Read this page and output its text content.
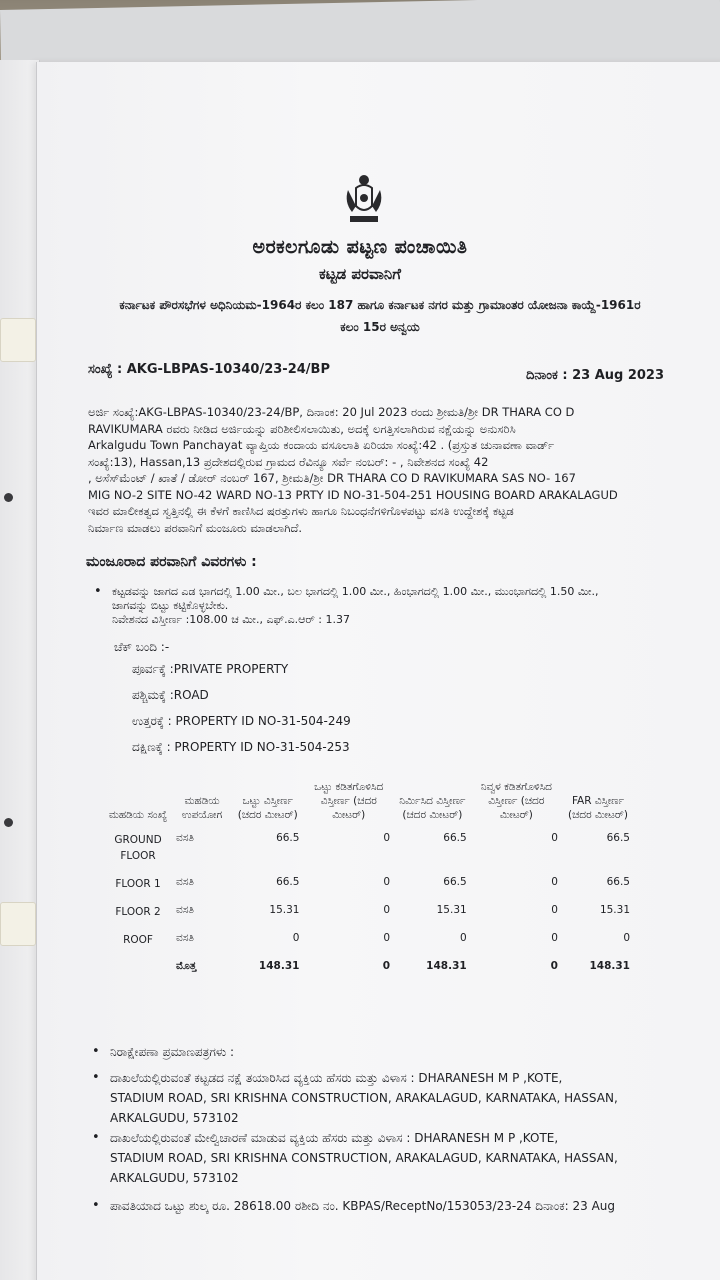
ಅರಕಲಗೂಡು ಪಟ್ಟಣ ಪಂಚಾಯಿತಿ
ಕಟ್ಟಡ ಪರವಾನಿಗೆ
ಕರ್ನಾಟಕ ಪೌರಸಭೆಗಳ ಅಧಿನಿಯಮ-1964ರ ಕಲಂ 187 ಹಾಗೂ ಕರ್ನಾಟಕ ನಗರ ಮತ್ತು ಗ್ರಾಮಾಂತರ ಯೋಜನಾ ಕಾಯ್ದೆ-1961ರ
ಕಲಂ 15ರ ಅನ್ವಯ
ಸಂಖ್ಯೆ : AKG-LBPAS-10340/23-24/BP	ದಿನಾಂಕ : 23 Aug 2023
ಅರ್ಜಿ ಸಂಖ್ಯೆ:AKG-LBPAS-10340/23-24/BP, ದಿನಾಂಕ: 20 Jul 2023 ರಂದು ಶ್ರೀಮತಿ/ಶ್ರೀ DR THARA CO D
RAVIKUMARA ರವರು ನೀಡಿದ ಅರ್ಜಿಯನ್ನು ಪರಿಶೀಲಿಸಲಾಯಿತು, ಅದಕ್ಕೆ ಲಗತ್ತಿಸಲಾಗಿರುವ ನಕ್ಷೆಯನ್ನು ಅನುಸರಿಸಿ
Arkalgudu Town Panchayat ವ್ಯಾಪ್ತಿಯ ಕಂದಾಯ ವಸೂಲಾತಿ ಏರಿಯಾ ಸಂಖ್ಯೆ:42 . (ಪ್ರಸ್ತುತ ಚುನಾವಣಾ ವಾರ್ಡ್
ಸಂಖ್ಯೆ:13), Hassan,13 ಪ್ರದೇಶದಲ್ಲಿರುವ ಗ್ರಾಮದ ರೆವಿನ್ಯೂ ಸರ್ವೆ ನಂಬರ್: - , ನಿವೇಶನದ ಸಂಖ್ಯೆ 42
, ಅಸೆಸ್‌ಮೆಂಟ್ / ಖಾತೆ / ಡೋರ್ ನಂಬರ್ 167, ಶ್ರೀಮತಿ/ಶ್ರೀ DR THARA CO D RAVIKUMARA SAS NO- 167
MIG NO-2 SITE NO-42 WARD NO-13 PRTY ID NO-31-504-251 HOUSING BOARD ARAKALAGUD
ಇವರ ಮಾಲೀಕತ್ವದ ಸ್ವತ್ತಿನಲ್ಲಿ ಈ ಕೆಳಗೆ ಕಾಣಿಸಿದ ಷರತ್ತುಗಳು ಹಾಗೂ ನಿಬಂಧನೆಗಳಿಗೊಳಪಟ್ಟು ವಸತಿ ಉದ್ದೇಶಕ್ಕೆ ಕಟ್ಟಡ
ನಿರ್ಮಾಣ ಮಾಡಲು ಪರವಾನಿಗೆ ಮಂಜೂರು ಮಾಡಲಾಗಿದೆ.
ಮಂಜೂರಾದ ಪರವಾನಿಗೆ ವಿವರಗಳು :
• ಕಟ್ಟಡವನ್ನು ಜಾಗದ ಎಡ ಭಾಗದಲ್ಲಿ 1.00 ಮೀ., ಬಲ ಭಾಗದಲ್ಲಿ 1.00 ಮೀ., ಹಿಂಭಾಗದಲ್ಲಿ 1.00 ಮೀ., ಮುಂಭಾಗದಲ್ಲಿ 1.50 ಮೀ.,
ಜಾಗವನ್ನು ಬಿಟ್ಟು ಕಟ್ಟಿಕೊಳ್ಳಬೇಕು.
ನಿವೇಶನದ ವಿಸ್ತೀರ್ಣ :108.00 ಚ ಮೀ., ಎಫ್.ಎ.ಆರ್ : 1.37
ಚೆಕ್ ಬಂದಿ :-
ಪೂರ್ವಕ್ಕೆ :PRIVATE PROPERTY
ಪಶ್ಚಿಮಕ್ಕೆ :ROAD
ಉತ್ತರಕ್ಕೆ : PROPERTY ID NO-31-504-249
ದಕ್ಷಿಣಕ್ಕೆ : PROPERTY ID NO-31-504-253
ಮಹಡಿಯ ಸಂಖ್ಯೆ	ಮಹಡಿಯ ಉಪಯೋಗ	ಒಟ್ಟು ವಿಸ್ತೀರ್ಣ (ಚದರ ಮೀಟರ್)	ಒಟ್ಟು ಕಡಿತಗೊಳಿಸಿದ ವಿಸ್ತೀರ್ಣ (ಚದರ ಮೀಟರ್)	ನಿರ್ಮಿಸಿದ ವಿಸ್ತೀರ್ಣ (ಚದರ ಮೀಟರ್)	ನಿವ್ವಳ ಕಡಿತಗೊಳಿಸಿದ ವಿಸ್ತೀರ್ಣ (ಚದರ ಮೀಟರ್)	FAR ವಿಸ್ತೀರ್ಣ (ಚದರ ಮೀಟರ್)
GROUND FLOOR	ವಸತಿ	66.5	0	66.5	0	66.5
FLOOR 1	ವಸತಿ	66.5	0	66.5	0	66.5
FLOOR 2	ವಸತಿ	15.31	0	15.31	0	15.31
ROOF	ವಸತಿ	0	0	0	0	0
	ಮೊತ್ತ	148.31	0	148.31	0	148.31
• ನಿರಾಕ್ಷೇಪಣಾ ಪ್ರಮಾಣಪತ್ರಗಳು :
• ದಾಖಲೆಯಲ್ಲಿರುವಂತೆ ಕಟ್ಟಡದ ನಕ್ಷೆ ತಯಾರಿಸಿದ ವ್ಯಕ್ತಿಯ ಹೆಸರು ಮತ್ತು ವಿಳಾಸ : DHARANESH M P ,KOTE,
STADIUM ROAD, SRI KRISHNA CONSTRUCTION, ARAKALAGUD, KARNATAKA, HASSAN,
ARKALGUDU, 573102
• ದಾಖಲೆಯಲ್ಲಿರುವಂತೆ ಮೇಲ್ವಿಚಾರಣೆ ಮಾಡುವ ವ್ಯಕ್ತಿಯ ಹೆಸರು ಮತ್ತು ವಿಳಾಸ : DHARANESH M P ,KOTE,
STADIUM ROAD, SRI KRISHNA CONSTRUCTION, ARAKALAGUD, KARNATAKA, HASSAN,
ARKALGUDU, 573102
• ಪಾವತಿಯಾದ ಒಟ್ಟು ಶುಲ್ಕ ರೂ. 28618.00 ರಶೀದಿ ನಂ. KBPAS/ReceptNo/153053/23-24 ದಿನಾಂಕ: 23 Aug
